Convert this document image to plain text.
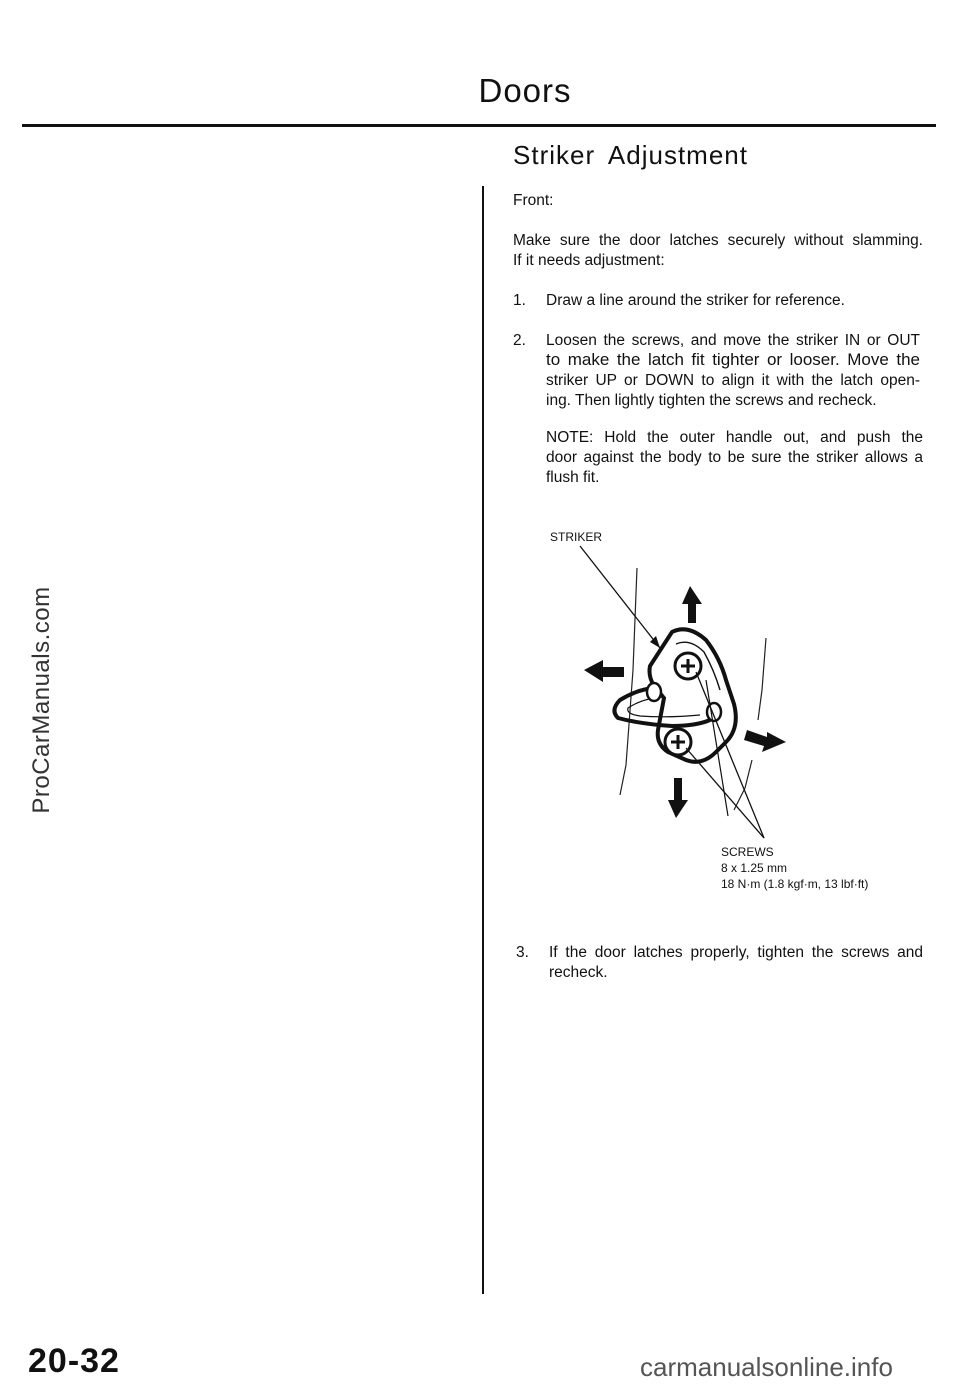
Doors
Striker Adjustment
ProCarManuals.com
Front:
Make sure the door latches securely without slamming.
If it needs adjustment:
1. Draw a line around the striker for reference.
2. Loosen the screws, and move the striker IN or OUT
to make the latch fit tighter or looser. Move the
striker UP or DOWN to align it with the latch open-
ing. Then lightly tighten the screws and recheck.
NOTE: Hold the outer handle out, and push the
door against the body to be sure the striker allows a
flush fit.
STRIKER
SCREWS
8 x 1.25 mm
18 N·m (1.8 kgf·m, 13 lbf·ft)
3. If the door latches properly, tighten the screws and
recheck.
20-32	carmanualsonline.info
